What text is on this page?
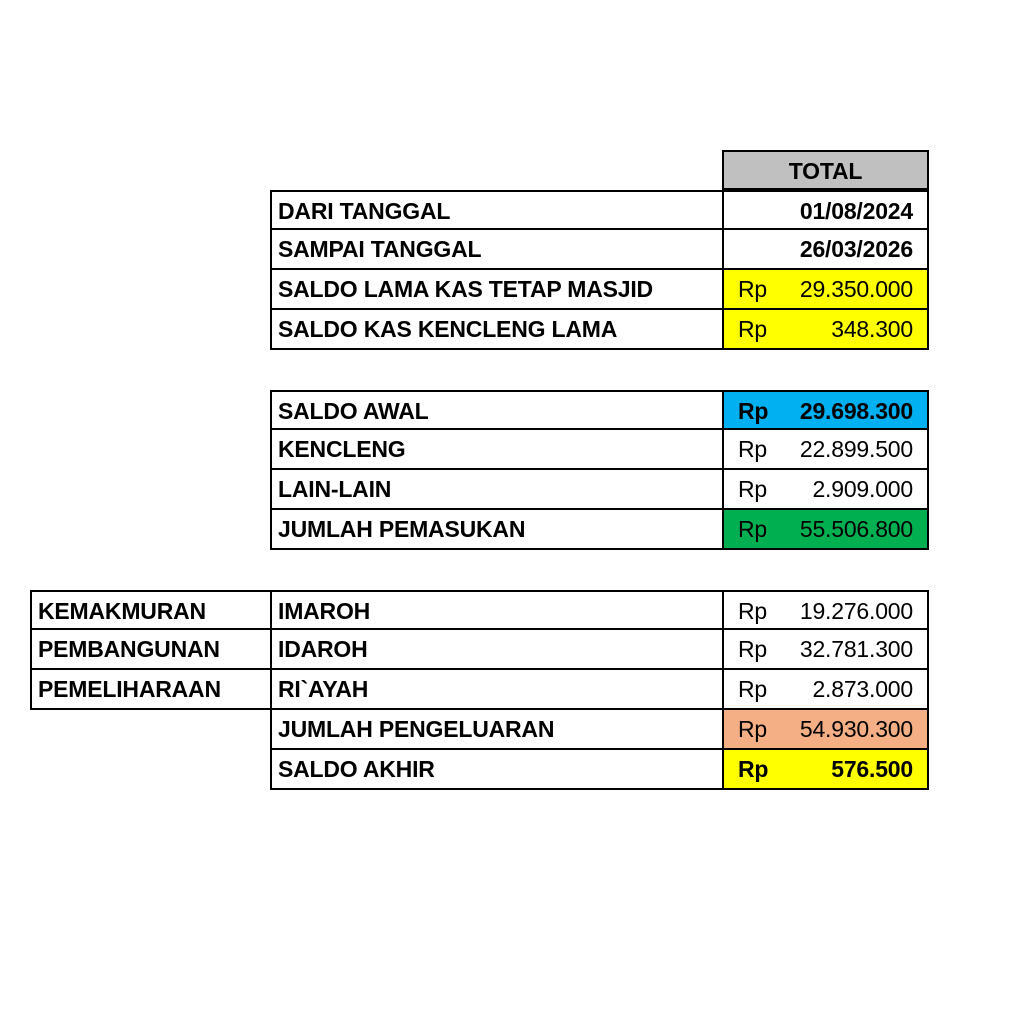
TOTAL
DARI TANGGAL	01/08/2024
SAMPAI TANGGAL	26/03/2026
SALDO LAMA KAS TETAP MASJID	Rp 29.350.000
SALDO KAS KENCLENG LAMA	Rp	348.300
SALDO AWAL	Rp 29.698.300
KENCLENG	Rp 22.899.500
LAIN-LAIN	Rp 2.909.000
JUMLAH PEMASUKAN	Rp 55.506.800
KEMAKMURAN	IMAROH	Rp 19.276.000
PEMBANGUNAN	IDAROH	Rp 32.781.300
PEMELIHARAAN	RI`AYAH	Rp 2.873.000
JUMLAH PENGELUARAN	Rp 54.930.300
SALDO AKHIR	Rp	576.500
